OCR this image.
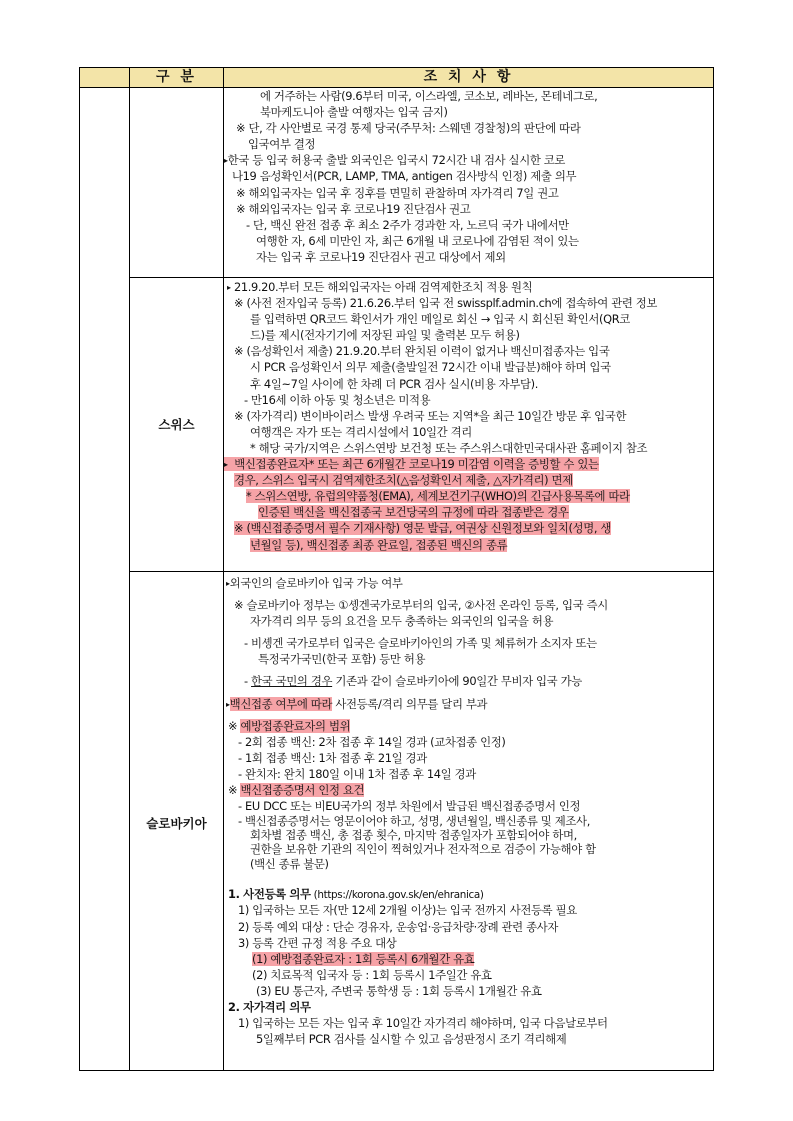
구 분	조 치 사 항
에 거주하는 사람(9.6부터 미국, 이스라엘, 코소보, 레바논, 몬테네그로,
북마케도니아 출발 여행자는 입국 금지)
※ 단, 각 사안별로 국경 통제 당국(주무처: 스웨덴 경찰청)의 판단에 따라
입국여부 결정
▸한국 등 입국 허용국 출발 외국인은 입국시 72시간 내 검사 실시한 코로
나19 음성확인서(PCR, LAMP, TMA, antigen 검사방식 인정) 제출 의무
※ 해외입국자는 입국 후 징후를 면밀히 관찰하며 자가격리 7일 권고
※ 해외입국자는 입국 후 코로나19 진단검사 권고
- 단, 백신 완전 접종 후 최소 2주가 경과한 자, 노르딕 국가 내에서만
여행한 자, 6세 미만인 자, 최근 6개월 내 코로나에 감염된 적이 있는
자는 입국 후 코로나19 진단검사 권고 대상에서 제외
스위스
▸ 21.9.20.부터 모든 해외입국자는 아래 검역제한조치 적용 원칙
※ (사전 전자입국 등록) 21.6.26.부터 입국 전 swissplf.admin.ch에 접속하여 관련 정보
를 입력하면 QR코드 확인서가 개인 메일로 회신 → 입국 시 회신된 확인서(QR코
드)를 제시(전자기기에 저장된 파일 및 출력본 모두 허용)
※ (음성확인서 제출) 21.9.20.부터 완치된 이력이 없거나 백신미접종자는 입국
시 PCR 음성확인서 의무 제출(출발일전 72시간 이내 발급분)해야 하며 입국
후 4일~7일 사이에 한 차례 더 PCR 검사 실시(비용 자부담).
- 만16세 이하 아동 및 청소년은 미적용
※ (자가격리) 변이바이러스 발생 우려국 또는 지역*을 최근 10일간 방문 후 입국한
여행객은 자가 또는 격리시설에서 10일간 격리
* 해당 국가/지역은 스위스연방 보건청 또는 주스위스대한민국대사관 홈페이지 참조
▸ 백신접종완료자* 또는 최근 6개월간 코로나19 미감염 이력을 증빙할 수 있는
경우, 스위스 입국시 검역제한조치(△음성확인서 제출, △자가격리) 면제
* 스위스연방, 유럽의약품청(EMA), 세계보건기구(WHO)의 긴급사용목록에 따라
인증된 백신을 백신접종국 보건당국의 규정에 따라 접종받은 경우
※ (백신접종증명서 필수 기재사항) 영문 발급, 여권상 신원정보와 일치(성명, 생
년월일 등), 백신접종 최종 완료일, 접종된 백신의 종류
슬로바키아
▸외국인의 슬로바키아 입국 가능 여부
※ 슬로바키아 정부는 ①솅겐국가로부터의 입국, ②사전 온라인 등록, 입국 즉시
자가격리 의무 등의 요건을 모두 충족하는 외국인의 입국을 허용
- 비솅겐 국가로부터 입국은 슬로바키아인의 가족 및 체류허가 소지자 또는
특정국가국민(한국 포함) 등만 허용
- 한국 국민의 경우 기존과 같이 슬로바키아에 90일간 무비자 입국 가능
▸백신접종 여부에 따라 사전등록/격리 의무를 달리 부과
※ 예방접종완료자의 범위
- 2회 접종 백신: 2차 접종 후 14일 경과 (교차접종 인정)
- 1회 접종 백신: 1차 접종 후 21일 경과
- 완치자: 완치 180일 이내 1차 접종 후 14일 경과
※ 백신접종증명서 인정 요건
- EU DCC 또는 비EU국가의 정부 차원에서 발급된 백신접종증명서 인정
- 백신접종증명서는 영문이어야 하고, 성명, 생년월일, 백신종류 및 제조사,
회차별 접종 백신, 총 접종 횟수, 마지막 접종일자가 포함되어야 하며,
권한을 보유한 기관의 직인이 찍혀있거나 전자적으로 검증이 가능해야 함
(백신 종류 불문)
1. 사전등록 의무 (https://korona.gov.sk/en/ehranica)
1) 입국하는 모든 자(만 12세 2개월 이상)는 입국 전까지 사전등록 필요
2) 등록 예외 대상 : 단순 경유자, 운송업·응급차량·장례 관련 종사자
3) 등록 간편 규정 적용 주요 대상
(1) 예방접종완료자 : 1회 등록시 6개월간 유효
(2) 치료목적 입국자 등 : 1회 등록시 1주일간 유효
(3) EU 통근자, 주변국 통학생 등 : 1회 등록시 1개월간 유효
2. 자가격리 의무
1) 입국하는 모든 자는 입국 후 10일간 자가격리 해야하며, 입국 다음날로부터
5일째부터 PCR 검사를 실시할 수 있고 음성판정시 조기 격리해제
